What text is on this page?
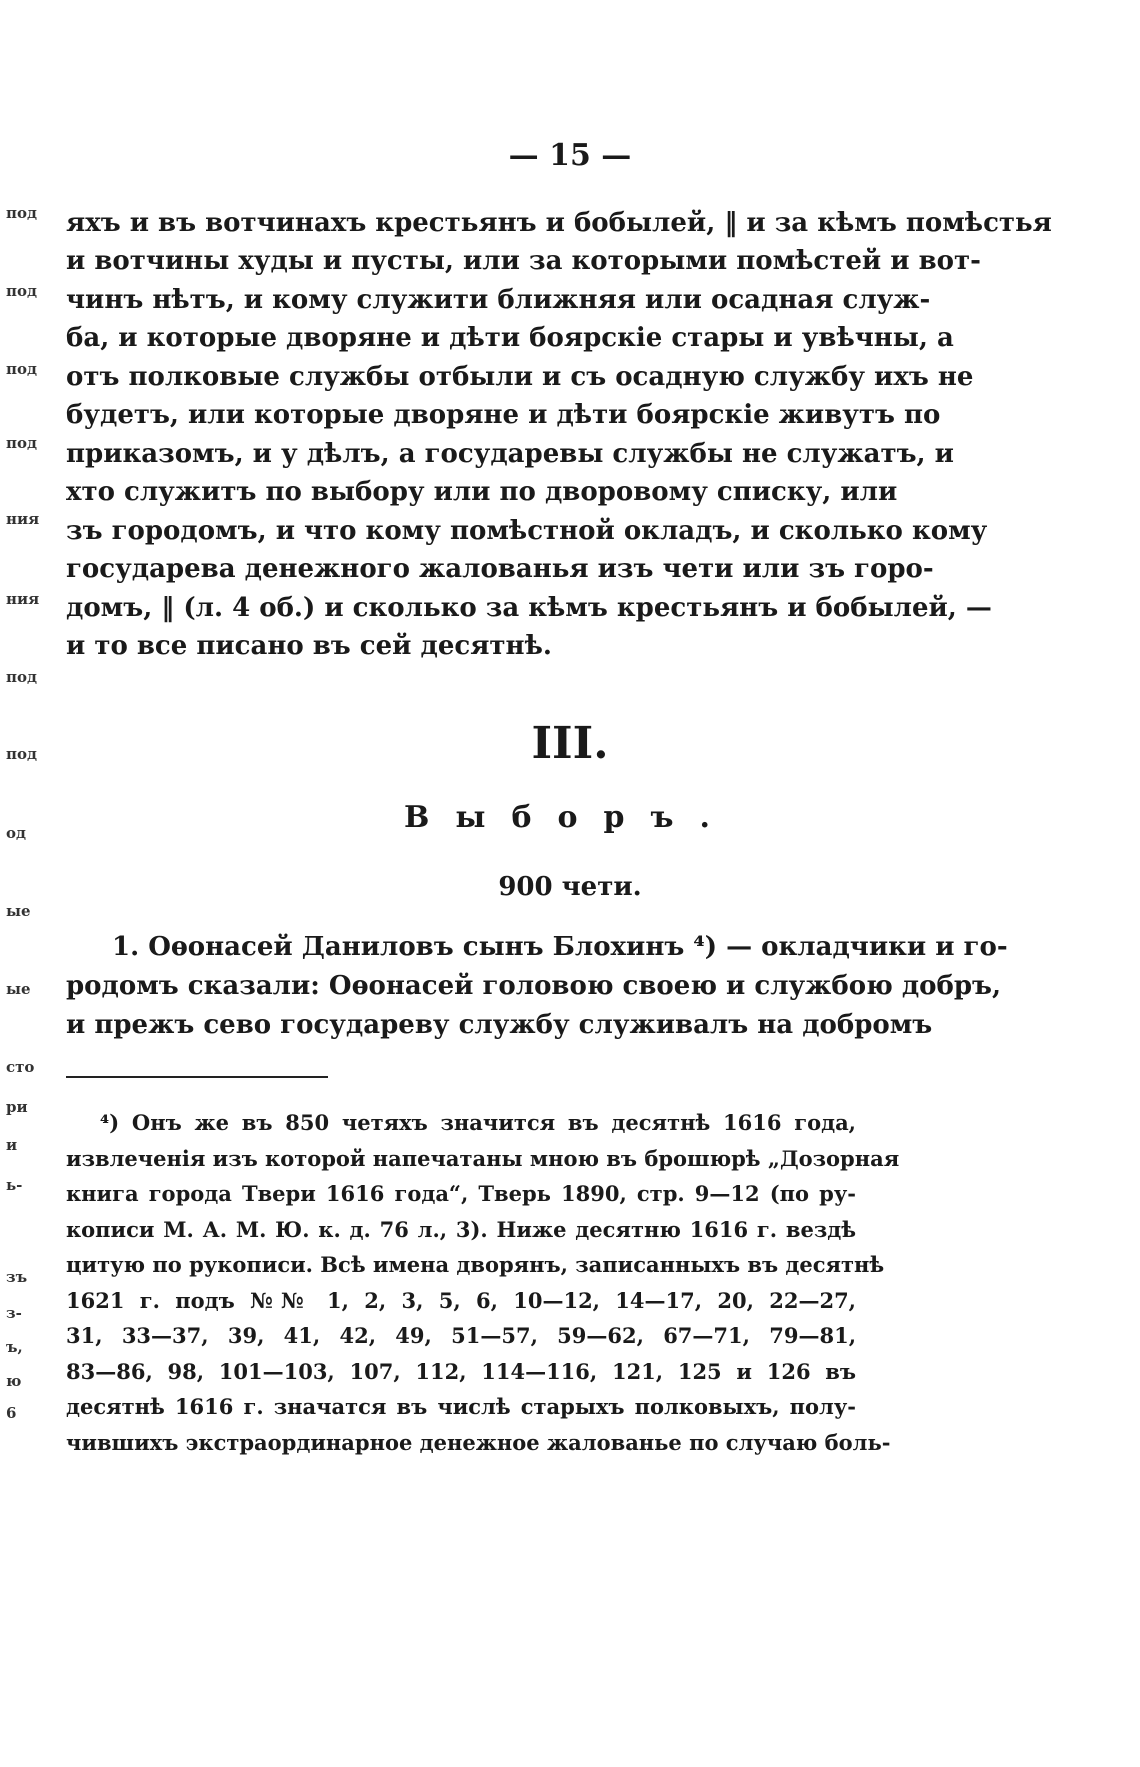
— 15 —
под
под
под
под
ния
ния
под
под
од
ые
ые
сто
ри
и
ь-
зъ
з-
ъ,
ю
6
яхъ и въ вотчинахъ крестьянъ и бобылей, ‖ и за кѣмъ помѣстья
и вотчины худы и пусты, или за которыми помѣстей и вот-
чинъ нѣтъ, и кому служити ближняя или осадная служ-
ба, и которые дворяне и дѣти боярскіе стары и увѣчны, а
отъ полковые службы отбыли и съ осадную службу ихъ не
будетъ, или которые дворяне и дѣти боярскіе живутъ по
приказомъ, и у дѣлъ, а государевы службы не служатъ, и
хто служитъ по выбору или по дворовому списку, или
зъ городомъ, и что кому помѣстной окладъ, и сколько кому
государева денежного жалованья изъ чети или зъ горо-
домъ, ‖ (л. 4 об.) и сколько за кѣмъ крестьянъ и бобылей, —
и то все писано въ сей десятнѣ.
III.
Выборъ.
900 чети.
1. Оѳонасей Даниловъ сынъ Блохинъ ⁴) — окладчики и го-
родомъ сказали: Оѳонасей головою своею и службою добръ,
и прежъ сево государеву службу служивалъ на добромъ
⁴) Онъ же въ 850 четяхъ значится въ десятнѣ 1616 года,
извлеченія изъ которой напечатаны мною въ брошюрѣ „Дозорная
книга города Твери 1616 года“, Тверь 1890, стр. 9—12 (по ру-
кописи М. А. М. Ю. к. д. 76 л., 3). Ниже десятню 1616 г. вездѣ
цитую по рукописи. Всѣ имена дворянъ, записанныхъ въ десятнѣ
1621 г. подъ №№ 1, 2, 3, 5, 6, 10—12, 14—17, 20, 22—27,
31, 33—37, 39, 41, 42, 49, 51—57, 59—62, 67—71, 79—81,
83—86, 98, 101—103, 107, 112, 114—116, 121, 125 и 126 въ
десятнѣ 1616 г. значатся въ числѣ старыхъ полковыхъ, полу-
чившихъ экстраординарное денежное жалованье по случаю боль-
